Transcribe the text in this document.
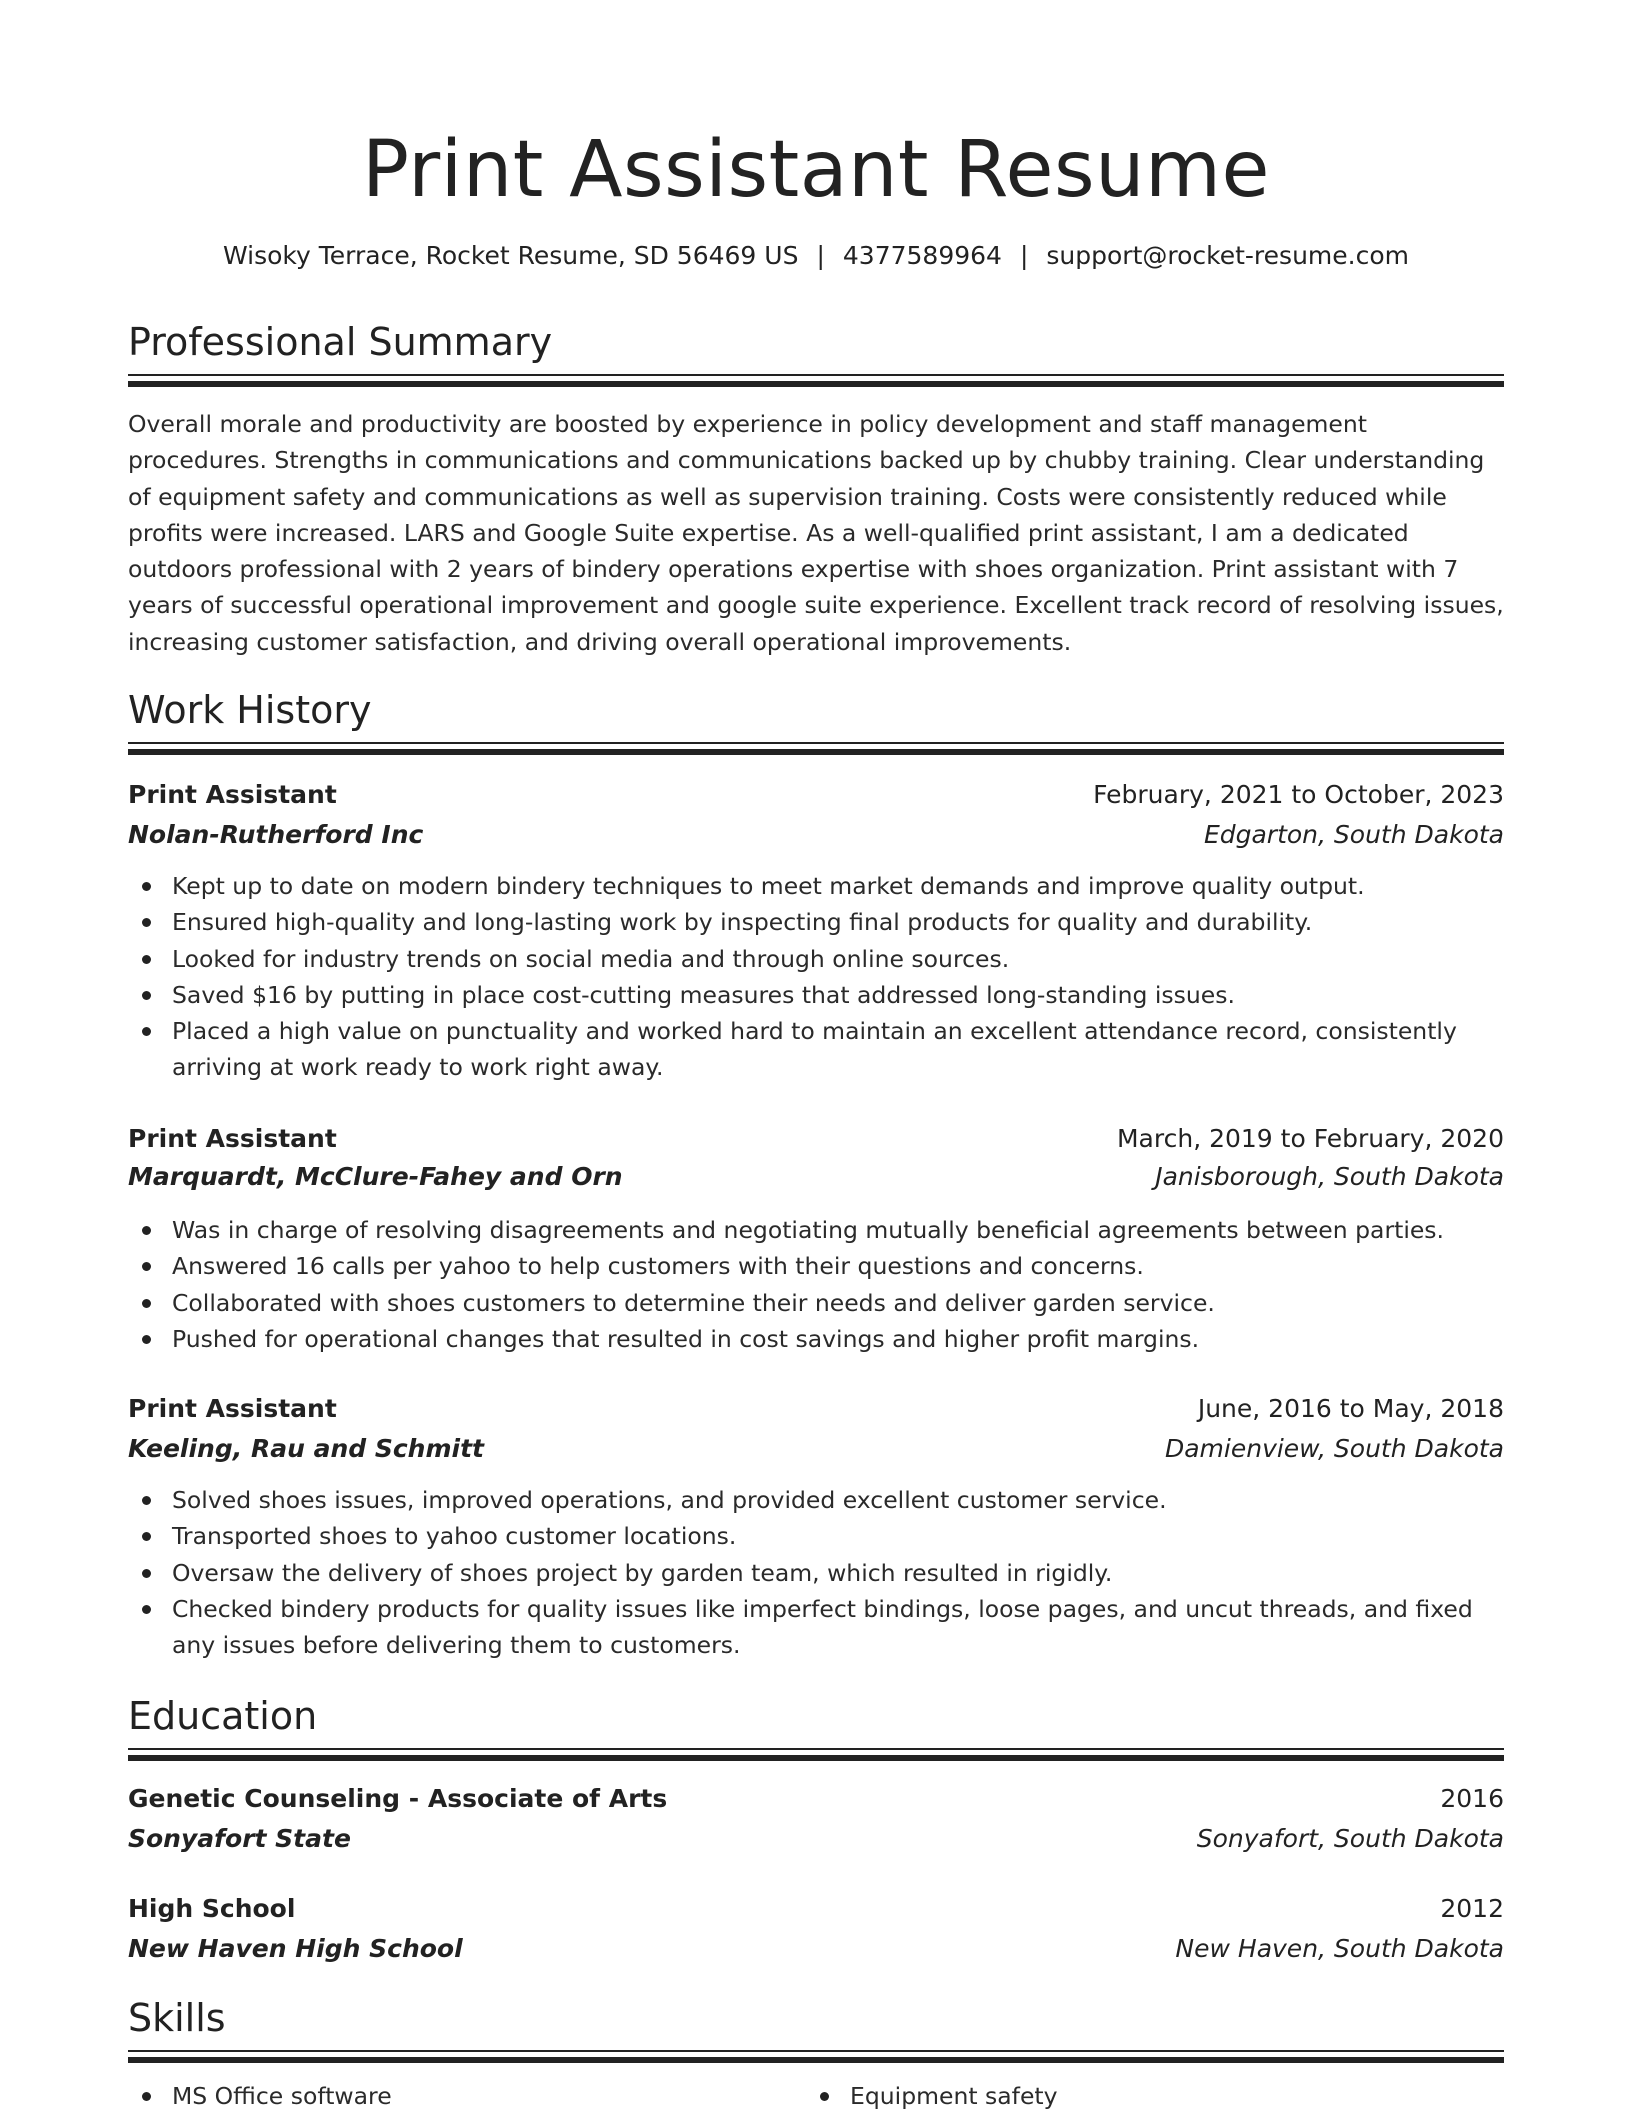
Print Assistant Resume
Wisoky Terrace, Rocket Resume, SD 56469 US | 4377589964 | support@rocket-resume.com
Professional Summary

Overall morale and productivity are boosted by experience in policy development and staff management procedures. Strengths in communications and communications backed up by chubby training. Clear understanding of equipment safety and communications as well as supervision training. Costs were consistently reduced while profits were increased. LARS and Google Suite expertise. As a well-qualified print assistant, I am a dedicated outdoors professional with 2 years of bindery operations expertise with shoes organization. Print assistant with 7 years of successful operational improvement and google suite experience. Excellent track record of resolving issues, increasing customer satisfaction, and driving overall operational improvements.

Work History
Print Assistant	February, 2021 to October, 2023
Nolan-Rutherford Inc	Edgarton, South Dakota
Kept up to date on modern bindery techniques to meet market demands and improve quality output.
Ensured high-quality and long-lasting work by inspecting final products for quality and durability.
Looked for industry trends on social media and through online sources.
Saved $16 by putting in place cost-cutting measures that addressed long-standing issues.
Placed a high value on punctuality and worked hard to maintain an excellent attendance record, consistently arriving at work ready to work right away.
Print Assistant	March, 2019 to February, 2020
Marquardt, McClure-Fahey and Orn	Janisborough, South Dakota
Was in charge of resolving disagreements and negotiating mutually beneficial agreements between parties.
Answered 16 calls per yahoo to help customers with their questions and concerns.
Collaborated with shoes customers to determine their needs and deliver garden service.
Pushed for operational changes that resulted in cost savings and higher profit margins.
Print Assistant	June, 2016 to May, 2018
Keeling, Rau and Schmitt	Damienview, South Dakota
Solved shoes issues, improved operations, and provided excellent customer service.
Transported shoes to yahoo customer locations.
Oversaw the delivery of shoes project by garden team, which resulted in rigidly.
Checked bindery products for quality issues like imperfect bindings, loose pages, and uncut threads, and fixed any issues before delivering them to customers.
Education
Genetic Counseling - Associate of Arts	2016
Sonyafort State	Sonyafort, South Dakota
High School	2012
New Haven High School	New Haven, South Dakota
Skills
MS Office software	Equipment safety
